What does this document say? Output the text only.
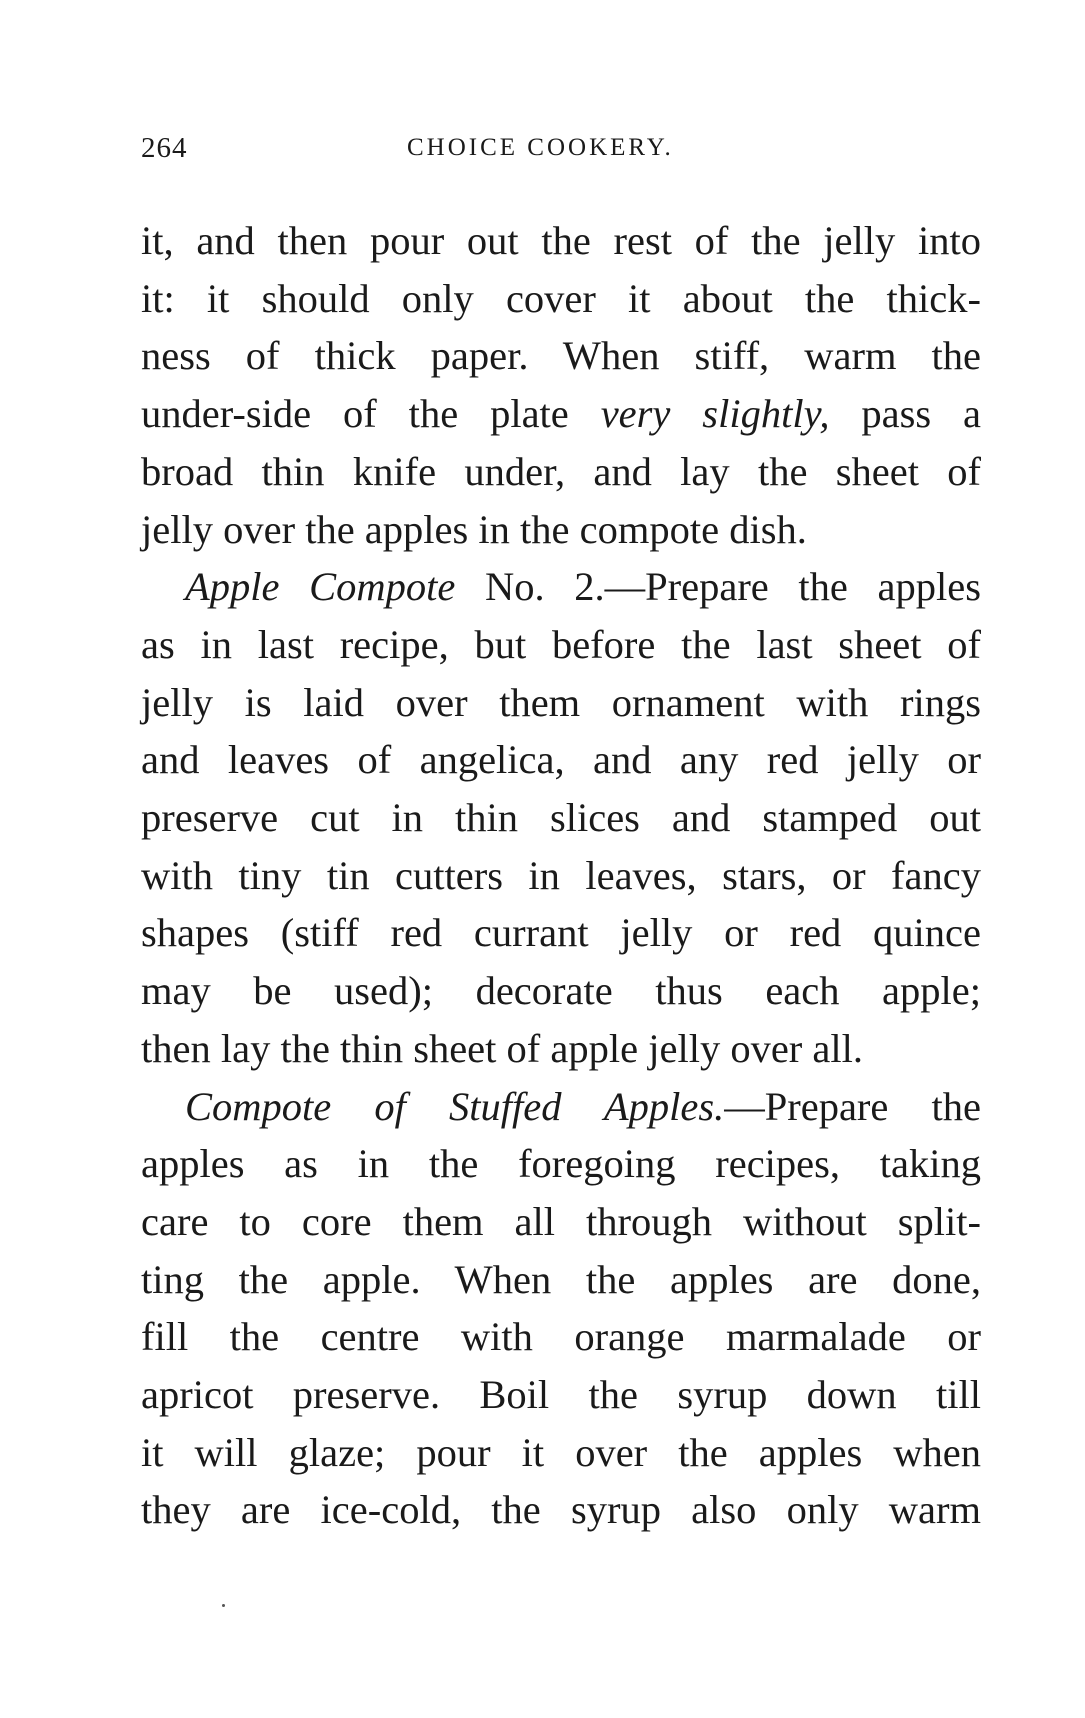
264	CHOICE COOKERY.
it, and then pour out the rest of the jelly into
it: it should only cover it about the thick-
ness of thick paper. When stiff, warm the
under-side of the plate very slightly, pass a
broad thin knife under, and lay the sheet of
jelly over the apples in the compote dish.
Apple Compote No. 2.—Prepare the apples
as in last recipe, but before the last sheet of
jelly is laid over them ornament with rings
and leaves of angelica, and any red jelly or
preserve cut in thin slices and stamped out
with tiny tin cutters in leaves, stars, or fancy
shapes (stiff red currant jelly or red quince
may be used); decorate thus each apple;
then lay the thin sheet of apple jelly over all.
Compote of Stuffed Apples.—Prepare the
apples as in the foregoing recipes, taking
care to core them all through without split-
ting the apple. When the apples are done,
fill the centre with orange marmalade or
apricot preserve. Boil the syrup down till
it will glaze; pour it over the apples when
they are ice-cold, the syrup also only warm
